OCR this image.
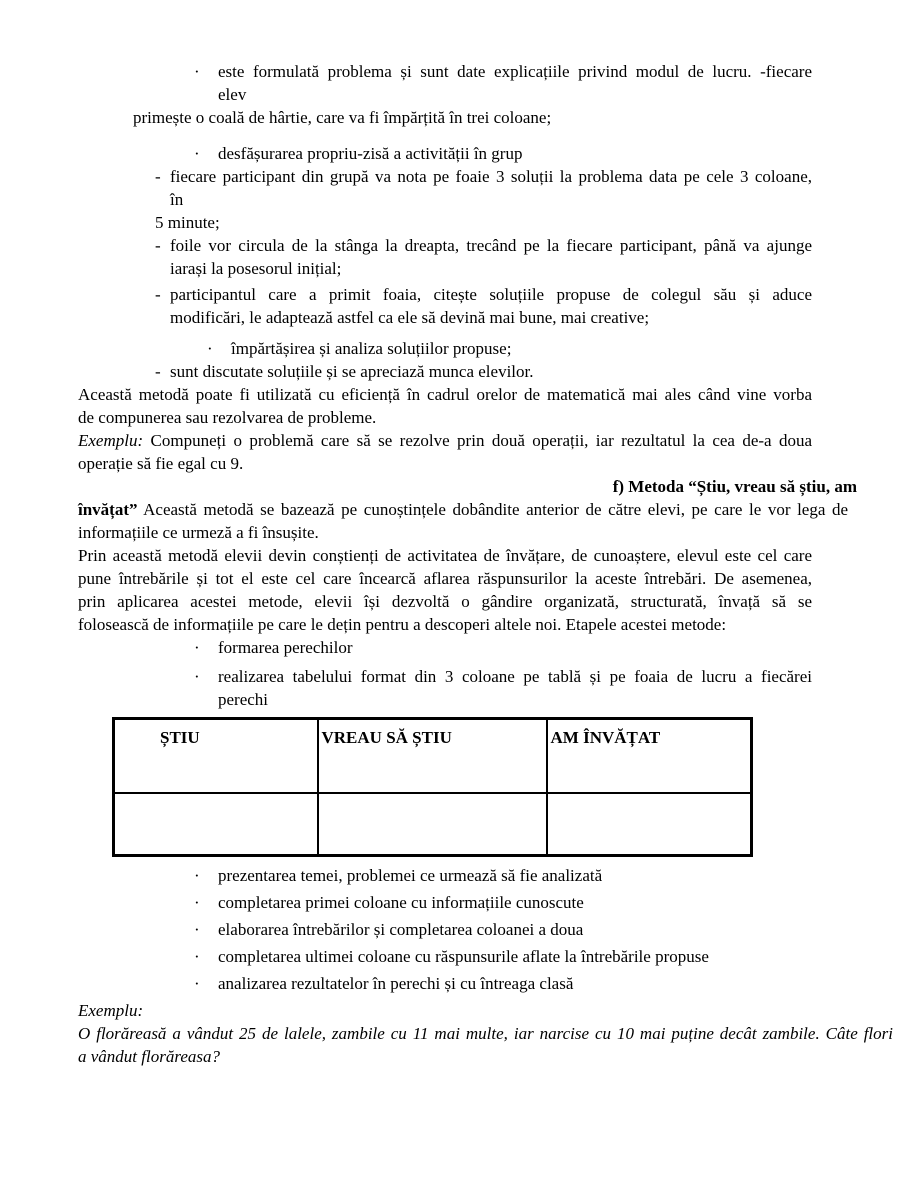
· este formulată problema și sunt date explicațiile privind modul de lucru. -fiecare
elev
primește o coală de hârtie, care va fi împărțită în trei coloane;
· desfășurarea propriu-zisă a activității în grup
- fiecare participant din grupă va nota pe foaie 3 soluții la problema data pe cele 3 coloane,
în
5 minute;
- foile vor circula de la stânga la dreapta, trecând pe la fiecare participant, până va ajunge
iarași la posesorul inițial;
- participantul care a primit foaia, citește soluțiile propuse de colegul său și aduce
modificări, le adaptează astfel ca ele să devină mai bune, mai creative;
· împărtășirea și analiza soluțiilor propuse;
- sunt discutate soluțiile și se apreciază munca elevilor.
Această metodă poate fi utilizată cu eficiență în cadrul orelor de matematică mai ales când vine vorba
de compunerea sau rezolvarea de probleme.
Exemplu: Compuneți o problemă care să se rezolve prin două operații, iar rezultatul la cea de-a doua
operație să fie egal cu 9.
f) Metoda “Știu, vreau să știu, am
învățat” Această metodă se bazează pe cunoștințele dobândite anterior de către elevi, pe care le vor lega de
informațiile ce urmeză a fi însușite.
Prin această metodă elevii devin conștienți de activitatea de învățare, de cunoaștere, elevul este cel care
pune întrebările și tot el este cel care încearcă aflarea răspunsurilor la aceste întrebări. De asemenea,
prin aplicarea acestei metode, elevii își dezvoltă o gândire organizată, structurată, învață să se
folosească de informațiile pe care le dețin pentru a descoperi altele noi. Etapele acestei metode:
· formarea perechilor
· realizarea tabelului format din 3 coloane pe tablă și pe foaia de lucru a fiecărei
perechi
ȘTIU	VREAU SĂ ȘTIU	AM ÎNVĂȚAT

· prezentarea temei, problemei ce urmează să fie analizată
· completarea primei coloane cu informațiile cunoscute
· elaborarea întrebărilor și completarea coloanei a doua
· completarea ultimei coloane cu răspunsurile aflate la întrebările propuse
· analizarea rezultatelor în perechi și cu întreaga clasă
Exemplu:
O florăreasă a vândut 25 de lalele, zambile cu 11 mai multe, iar narcise cu 10 mai puține decât zambile. Câte flori
a vândut florăreasa?
